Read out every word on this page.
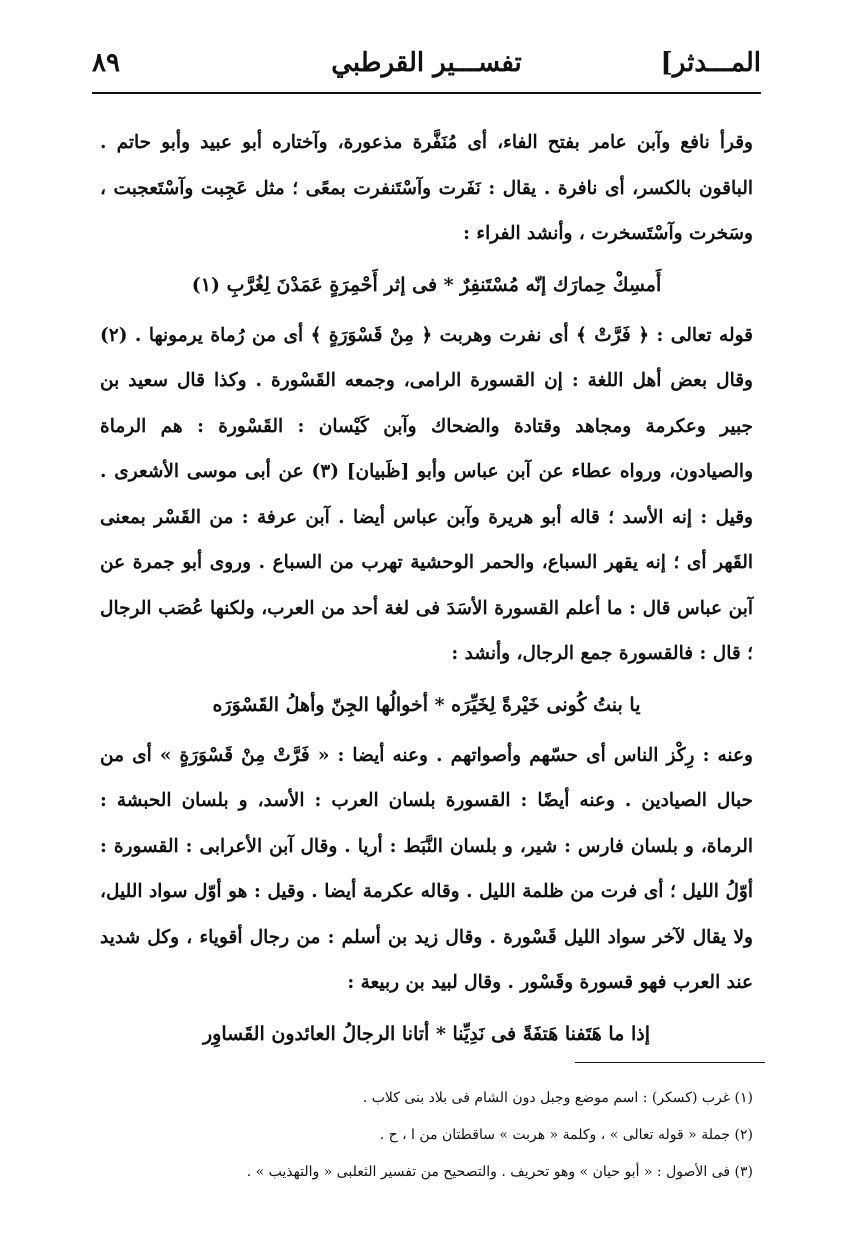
المـــدثر]
تفســـير القرطبي
٨٩

وقرأ نافع وآبن عامر بفتح الفاء، أى مُنَفَّرة مذعورة، وآختاره أبو عبيد وأبو حاتم . الباقون بالكسر، أى نافرة . يقال : نَفَرت وآسْتَنفرت بمعًى ؛ مثل عَجِبت وآسْتَعجبت ، وسَخرت وآسْتَسخرت ، وأنشد الفراء :

أَمسِكْ حِمارَك إنّه مُسْتَنفِرٌ * فى إثر أَحْمِرَةٍ عَمَدْنَ لِغُرَّبِ (١)

قوله تعالى : ﴿ فَرَّتْ ﴾ أى نفرت وهربت ﴿ مِنْ قَسْوَرَةٍ ﴾ أى من رُماة يرمونها . (٢) وقال بعض أهل اللغة : إن القسورة الرامى، وجمعه القَسْورة . وكذا قال سعيد بن جبير وعكرمة ومجاهد وقتادة والضحاك وآبن كَيْسان : القَسْورة : هم الرماة والصيادون، ورواه عطاء عن آبن عباس وأبو [ظَبيان] (٣) عن أبى موسى الأشعرى . وقيل : إنه الأسد ؛ قاله أبو هريرة وآبن عباس أيضا . آبن عرفة : من القَسْر بمعنى القَهر أى ؛ إنه يقهر السباع، والحمر الوحشية تهرب من السباع . وروى أبو جمرة عن آبن عباس قال : ما أعلم القسورة الأسَدَ فى لغة أحد من العرب، ولكنها عُصَب الرجال ؛ قال : فالقسورة جمع الرجال، وأنشد :

يا بنتُ كُونى خَيْرةً لِخَيِّرَه * أخوالُها الجِنّ وأهلُ القَسْوَرَه

وعنه : رِكْز الناس أى حسّهم وأصواتهم . وعنه أيضا : « فَرَّتْ مِنْ قَسْوَرَةٍ » أى من حبال الصيادين . وعنه أيضًا : القسورة بلسان العرب : الأسد، و بلسان الحبشة : الرماة، و بلسان فارس : شير، و بلسان النَّبَط : أريا . وقال آبن الأعرابى : القسورة : أوّلُ الليل ؛ أى فرت من ظلمة الليل . وقاله عكرمة أيضا . وقيل : هو أوّل سواد الليل، ولا يقال لآخر سواد الليل قَسْورة . وقال زيد بن أسلم : من رجال أقوياء ، وكل شديد عند العرب فهو قسورة وقَسْور . وقال لبيد بن ربيعة :

إذا ما هَتَفنا هَتفَةً فى نَدِيِّنا * أتانا الرجالُ العائدون القَساوِر

(١) غرب (كسكر) : اسم موضع وجبل دون الشام فى بلاد بنى كلاب .

(٢) جملة « قوله تعالى » ، وكلمة « هربت » ساقطتان من ا ، ح .

(٣) فى الأصول : « أبو حيان » وهو تحريف . والتصحيح من تفسير الثعلبى « والتهذيب » .
